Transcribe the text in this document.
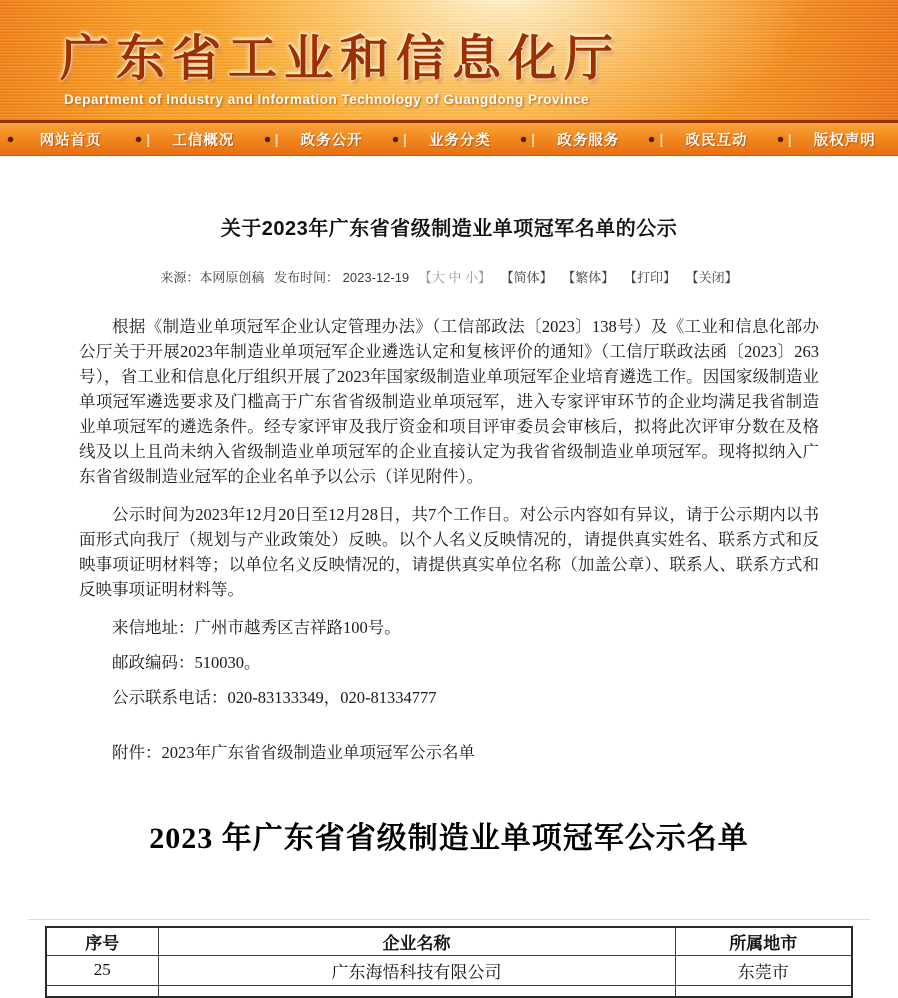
广东省工业和信息化厅
Department of Industry and Information Technology of Guangdong Province
网站首页	| 工信概况	| 政务公开	| 业务分类	| 政务服务	| 政民互动	| 版权声明
关于2023年广东省省级制造业单项冠军名单的公示
来源：本网原创稿 发布时间： 2023-12-19 【大 中 小】 【简体】 【繁体】 【打印】 【关闭】

根据《制造业单项冠军企业认定管理办法》（工信部政法〔2023〕138号）及《工业和信息化部办公厅关于开展2023年制造业单项冠军企业遴选认定和复核评价的通知》（工信厅联政法函〔2023〕263号），省工业和信息化厅组织开展了2023年国家级制造业单项冠军企业培育遴选工作。因国家级制造业单项冠军遴选要求及门槛高于广东省省级制造业单项冠军，进入专家评审环节的企业均满足我省制造业单项冠军的遴选条件。经专家评审及我厅资金和项目评审委员会审核后，拟将此次评审分数在及格线及以上且尚未纳入省级制造业单项冠军的企业直接认定为我省省级制造业单项冠军。现将拟纳入广东省省级制造业冠军的企业名单予以公示（详见附件）。

公示时间为2023年12月20日至12月28日，共7个工作日。对公示内容如有异议，请于公示期内以书面形式向我厅（规划与产业政策处）反映。以个人名义反映情况的，请提供真实姓名、联系方式和反映事项证明材料等；以单位名义反映情况的，请提供真实单位名称（加盖公章）、联系人、联系方式和反映事项证明材料等。

来信地址：广州市越秀区吉祥路100号。

邮政编码：510030。

公示联系电话：020-83133349，020-81334777

附件：2023年广东省省级制造业单项冠军公示名单

2023 年广东省省级制造业单项冠军公示名单
序号	企业名称	所属地市
25	广东海悟科技有限公司	东莞市
